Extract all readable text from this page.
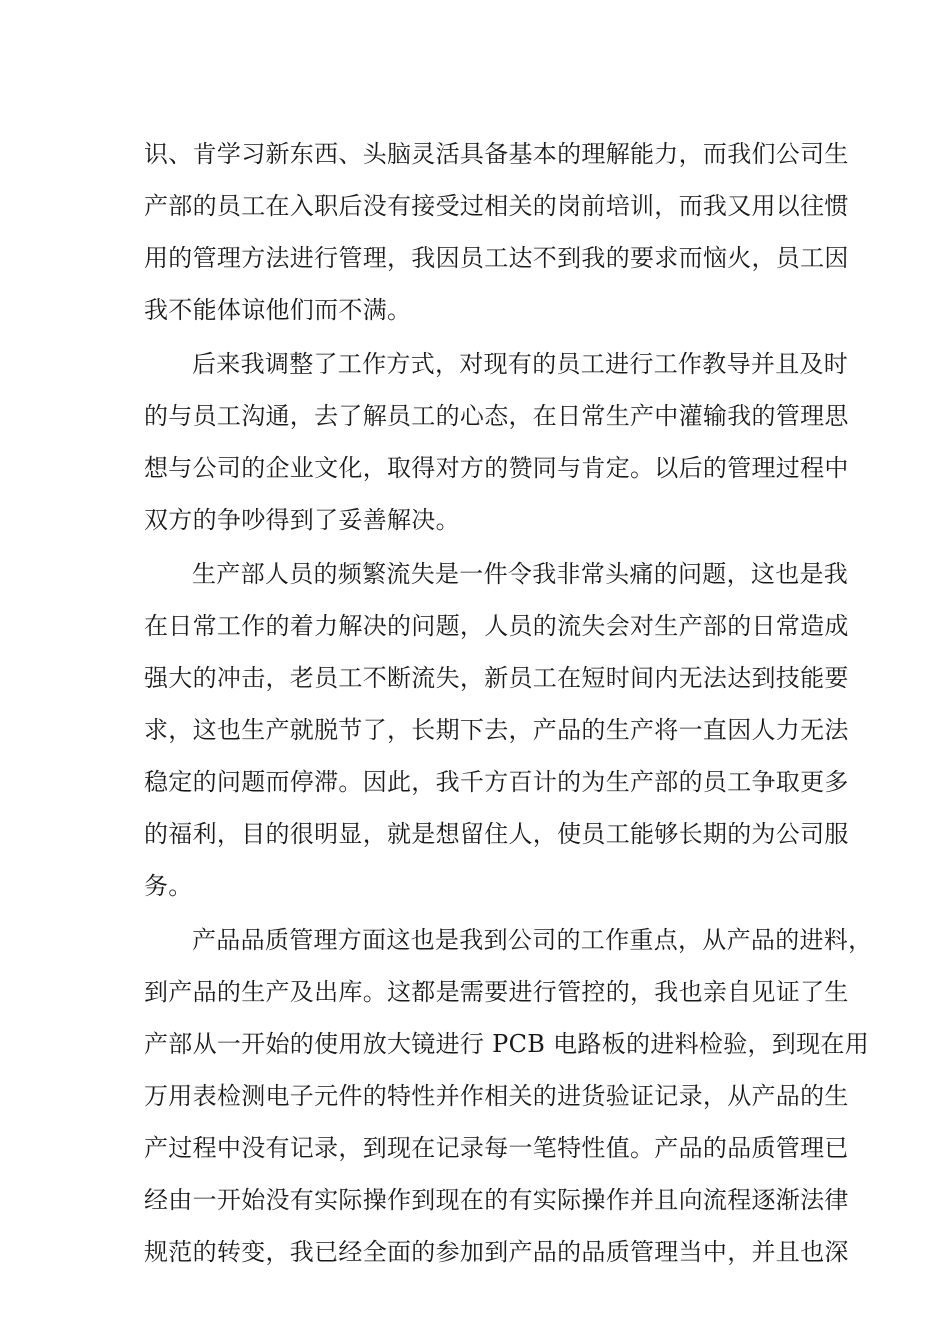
识、肯学习新东西、头脑灵活具备基本的理解能力，而我们公司生
产部的员工在入职后没有接受过相关的岗前培训，而我又用以往惯
用的管理方法进行管理，我因员工达不到我的要求而恼火，员工因
我不能体谅他们而不满。
后来我调整了工作方式，对现有的员工进行工作教导并且及时
的与员工沟通，去了解员工的心态，在日常生产中灌输我的管理思
想与公司的企业文化，取得对方的赞同与肯定。以后的管理过程中
双方的争吵得到了妥善解决。
生产部人员的频繁流失是一件令我非常头痛的问题，这也是我
在日常工作的着力解决的问题，人员的流失会对生产部的日常造成
强大的冲击，老员工不断流失，新员工在短时间内无法达到技能要
求，这也生产就脱节了，长期下去，产品的生产将一直因人力无法
稳定的问题而停滞。因此，我千方百计的为生产部的员工争取更多
的福利，目的很明显，就是想留住人，使员工能够长期的为公司服
务。
产品品质管理方面这也是我到公司的工作重点，从产品的进料，
到产品的生产及出库。这都是需要进行管控的，我也亲自见证了生
产部从一开始的使用放大镜进行 PCB 电路板的进料检验，到现在用
万用表检测电子元件的特性并作相关的进货验证记录，从产品的生
产过程中没有记录，到现在记录每一笔特性值。产品的品质管理已
经由一开始没有实际操作到现在的有实际操作并且向流程逐渐法律
规范的转变，我已经全面的参加到产品的品质管理当中，并且也深
